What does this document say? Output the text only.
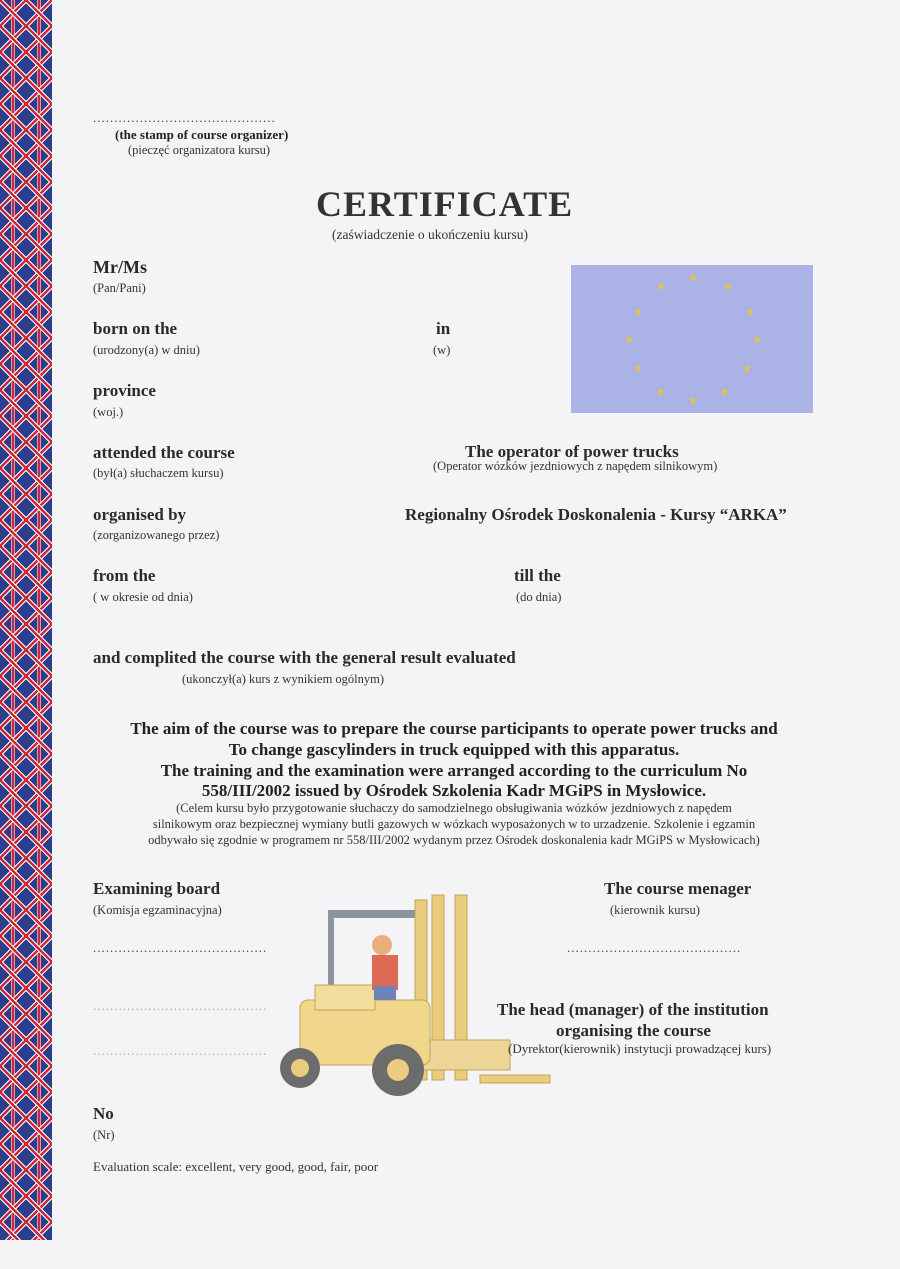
...........................................
(the stamp of course organizer)
(pieczęć organizatora kursu)
CERTIFICATE
(zaświadczenie o ukończeniu kursu)
★
★
★
★
★
★
★
★
★
★
★
★
Mr/Ms
(Pan/Pani)
born on the
(urodzony(a) w dniu)
in
(w)
province
(woj.)
attended the course
(był(a) słuchaczem kursu)
The operator of power trucks
(Operator wózków jezdniowych z napędem silnikowym)
organised by
(zorganizowanego przez)
Regionalny Ośrodek Doskonalenia - Kursy “ARKA”
from the
( w okresie od dnia)
till the
(do dnia)
and complited the course with the general result evaluated
(ukonczył(a) kurs z wynikiem ogólnym)
The aim of the course was to prepare the course participants to operate power trucks and
To change gascylinders in truck equipped with this apparatus.
The training and the examination were arranged according to the curriculum No
558/III/2002 issued by Ośrodek Szkolenia Kadr MGiPS in Mysłowice.
(Celem kursu było przygotowanie słuchaczy do samodzielnego obsługiwania wózków jezdniowych z napędem
silnikowym oraz bezpiecznej wymiany butli gazowych w wózkach wyposażonych w to urzadzenie. Szkolenie i egzamin
odbywało się zgodnie w programem nr 558/III/2002 wydanym przez Ośrodek doskonalenia kadr MGiPS w Mysłowicach)
Examining board
(Komisja egzaminacyjna)
.........................................
.........................................
.........................................
The course menager
(kierownik kursu)
.........................................
The head (manager) of the institution
organising the course
(Dyrektor(kierownik) instytucji prowadzącej kurs)
No
(Nr)
Evaluation scale: excellent, very good, good, fair, poor
